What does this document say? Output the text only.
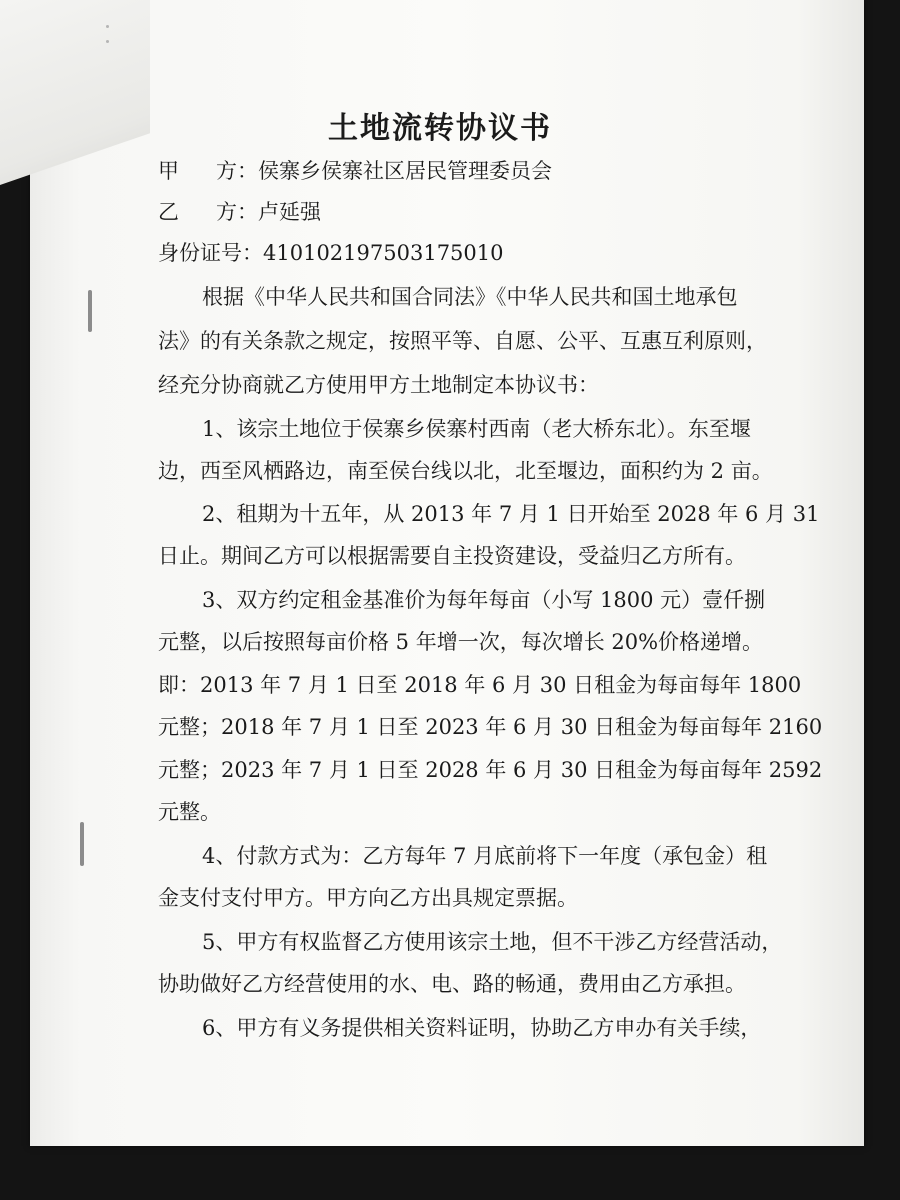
土地流转协议书
甲 方：侯寨乡侯寨社区居民管理委员会
乙 方：卢延强
身份证号：410102197503175010
根据《中华人民共和国合同法》《中华人民共和国土地承包
法》的有关条款之规定，按照平等、自愿、公平、互惠互利原则，
经充分协商就乙方使用甲方土地制定本协议书：
1、该宗土地位于侯寨乡侯寨村西南（老大桥东北）。东至堰
边，西至风栖路边，南至侯台线以北，北至堰边，面积约为 2 亩。
2、租期为十五年，从 2013 年 7 月 1 日开始至 2028 年 6 月 31
日止。期间乙方可以根据需要自主投资建设，受益归乙方所有。
3、双方约定租金基准价为每年每亩（小写 1800 元）壹仟捌
元整，以后按照每亩价格 5 年增一次，每次增长 20%价格递增。
即：2013 年 7 月 1 日至 2018 年 6 月 30 日租金为每亩每年 1800
元整；2018 年 7 月 1 日至 2023 年 6 月 30 日租金为每亩每年 2160
元整；2023 年 7 月 1 日至 2028 年 6 月 30 日租金为每亩每年 2592
元整。
4、付款方式为：乙方每年 7 月底前将下一年度（承包金）租
金支付支付甲方。甲方向乙方出具规定票据。
5、甲方有权监督乙方使用该宗土地，但不干涉乙方经营活动，
协助做好乙方经营使用的水、电、路的畅通，费用由乙方承担。
6、甲方有义务提供相关资料证明，协助乙方申办有关手续，
